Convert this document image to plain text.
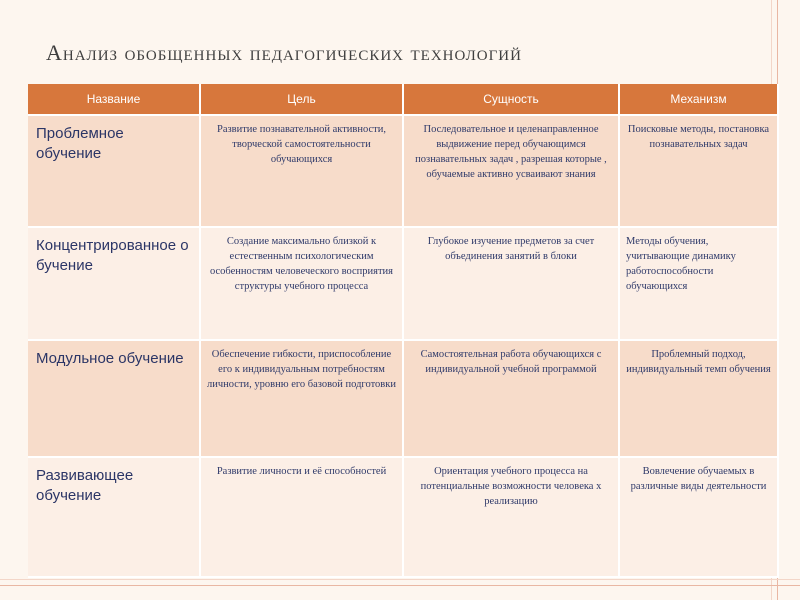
Анализ обобщенных педагогических технологий
Название	Цель	Сущность	Механизм
Проблемное обучение	Развитие познавательной активности, творческой самостоятельности обучающихся	Последовательное и целенаправленное выдвижение перед обучающимся познавательных задач , разрешая которые , обучаемые активно усваивают знания	Поисковые методы, постановка познавательных задач
Концентрированное обучение	Создание максимально близкой к естественным психологическим особенностям человеческого восприятия структуры учебного процесса	Глубокое изучение предметов за счет объединения занятий в блоки	Методы обучения, учитывающие динамику работоспособности обучающихся
Модульное обучение	Обеспечение гибкости, приспособление его к индивидуальным потребностям личности, уровню его базовой подготовки	Самостоятельная работа обучающихся с индивидуальной учебной программой	Проблемный подход, индивидуальный темп обучения
Развивающее обучение	Развитие личности и её способностей	Ориентация учебного процесса на потенциальные возможности человека х реализацию	Вовлечение обучаемых в различные виды деятельности
